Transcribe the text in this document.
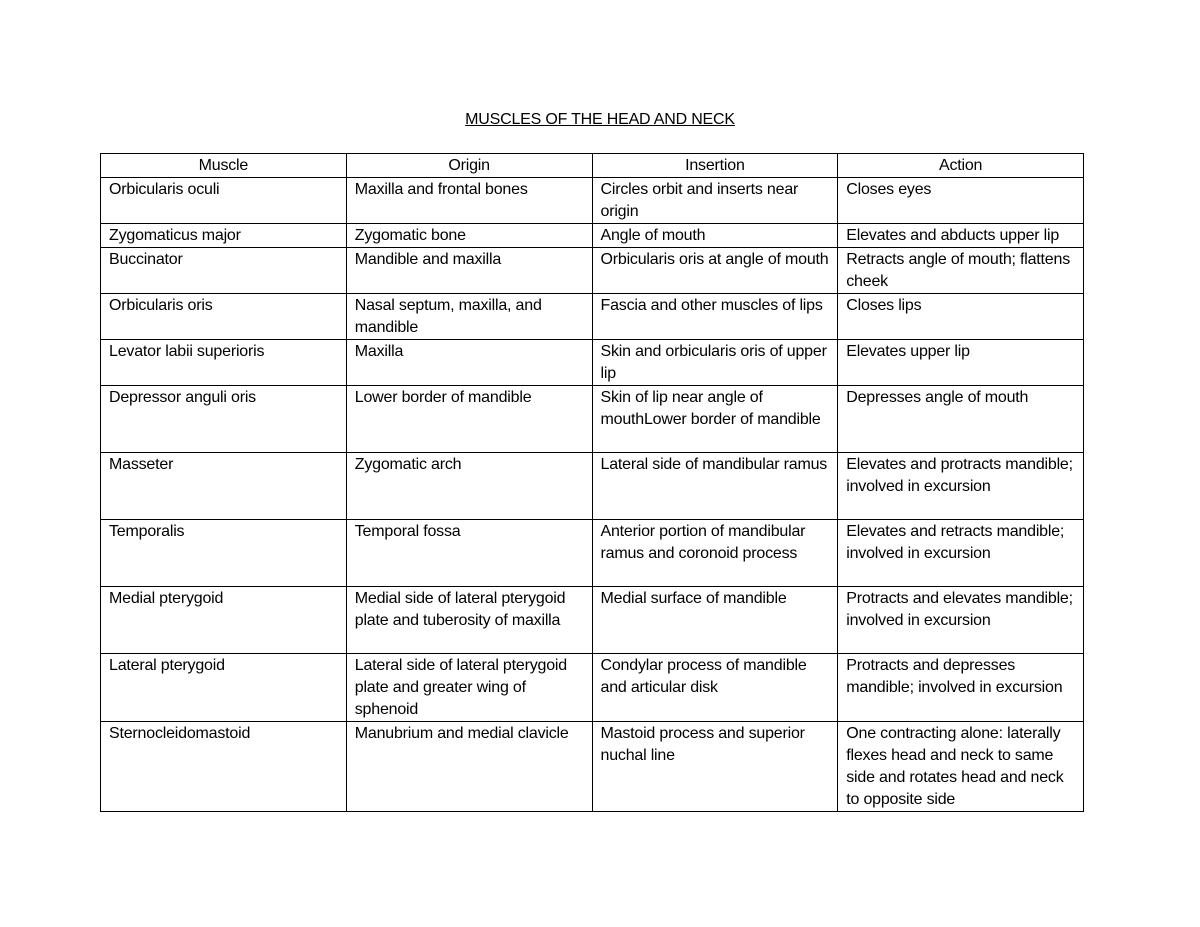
MUSCLES OF THE HEAD AND NECK
Muscle	Origin	Insertion	Action
Orbicularis oculi	Maxilla and frontal bones	Circles orbit and inserts near origin	Closes eyes
Zygomaticus major	Zygomatic bone	Angle of mouth	Elevates and abducts upper lip
Buccinator	Mandible and maxilla	Orbicularis oris at angle of mouth	Retracts angle of mouth; flattens cheek
Orbicularis oris	Nasal septum, maxilla, and mandible	Fascia and other muscles of lips	Closes lips
Levator labii superioris	Maxilla	Skin and orbicularis oris of upper lip	Elevates upper lip
Depressor anguli oris	Lower border of mandible	Skin of lip near angle of mouthLower border of mandible	Depresses angle of mouth
Masseter	Zygomatic arch	Lateral side of mandibular ramus	Elevates and protracts mandible; involved in excursion
Temporalis	Temporal fossa	Anterior portion of mandibular ramus and coronoid process	Elevates and retracts mandible; involved in excursion
Medial pterygoid	Medial side of lateral pterygoid plate and tuberosity of maxilla	Medial surface of mandible	Protracts and elevates mandible; involved in excursion
Lateral pterygoid	Lateral side of lateral pterygoid plate and greater wing of sphenoid	Condylar process of mandible and articular disk	Protracts and depresses mandible; involved in excursion
Sternocleidomastoid	Manubrium and medial clavicle	Mastoid process and superior nuchal line	One contracting alone: laterally flexes head and neck to same side and rotates head and neck to opposite side
